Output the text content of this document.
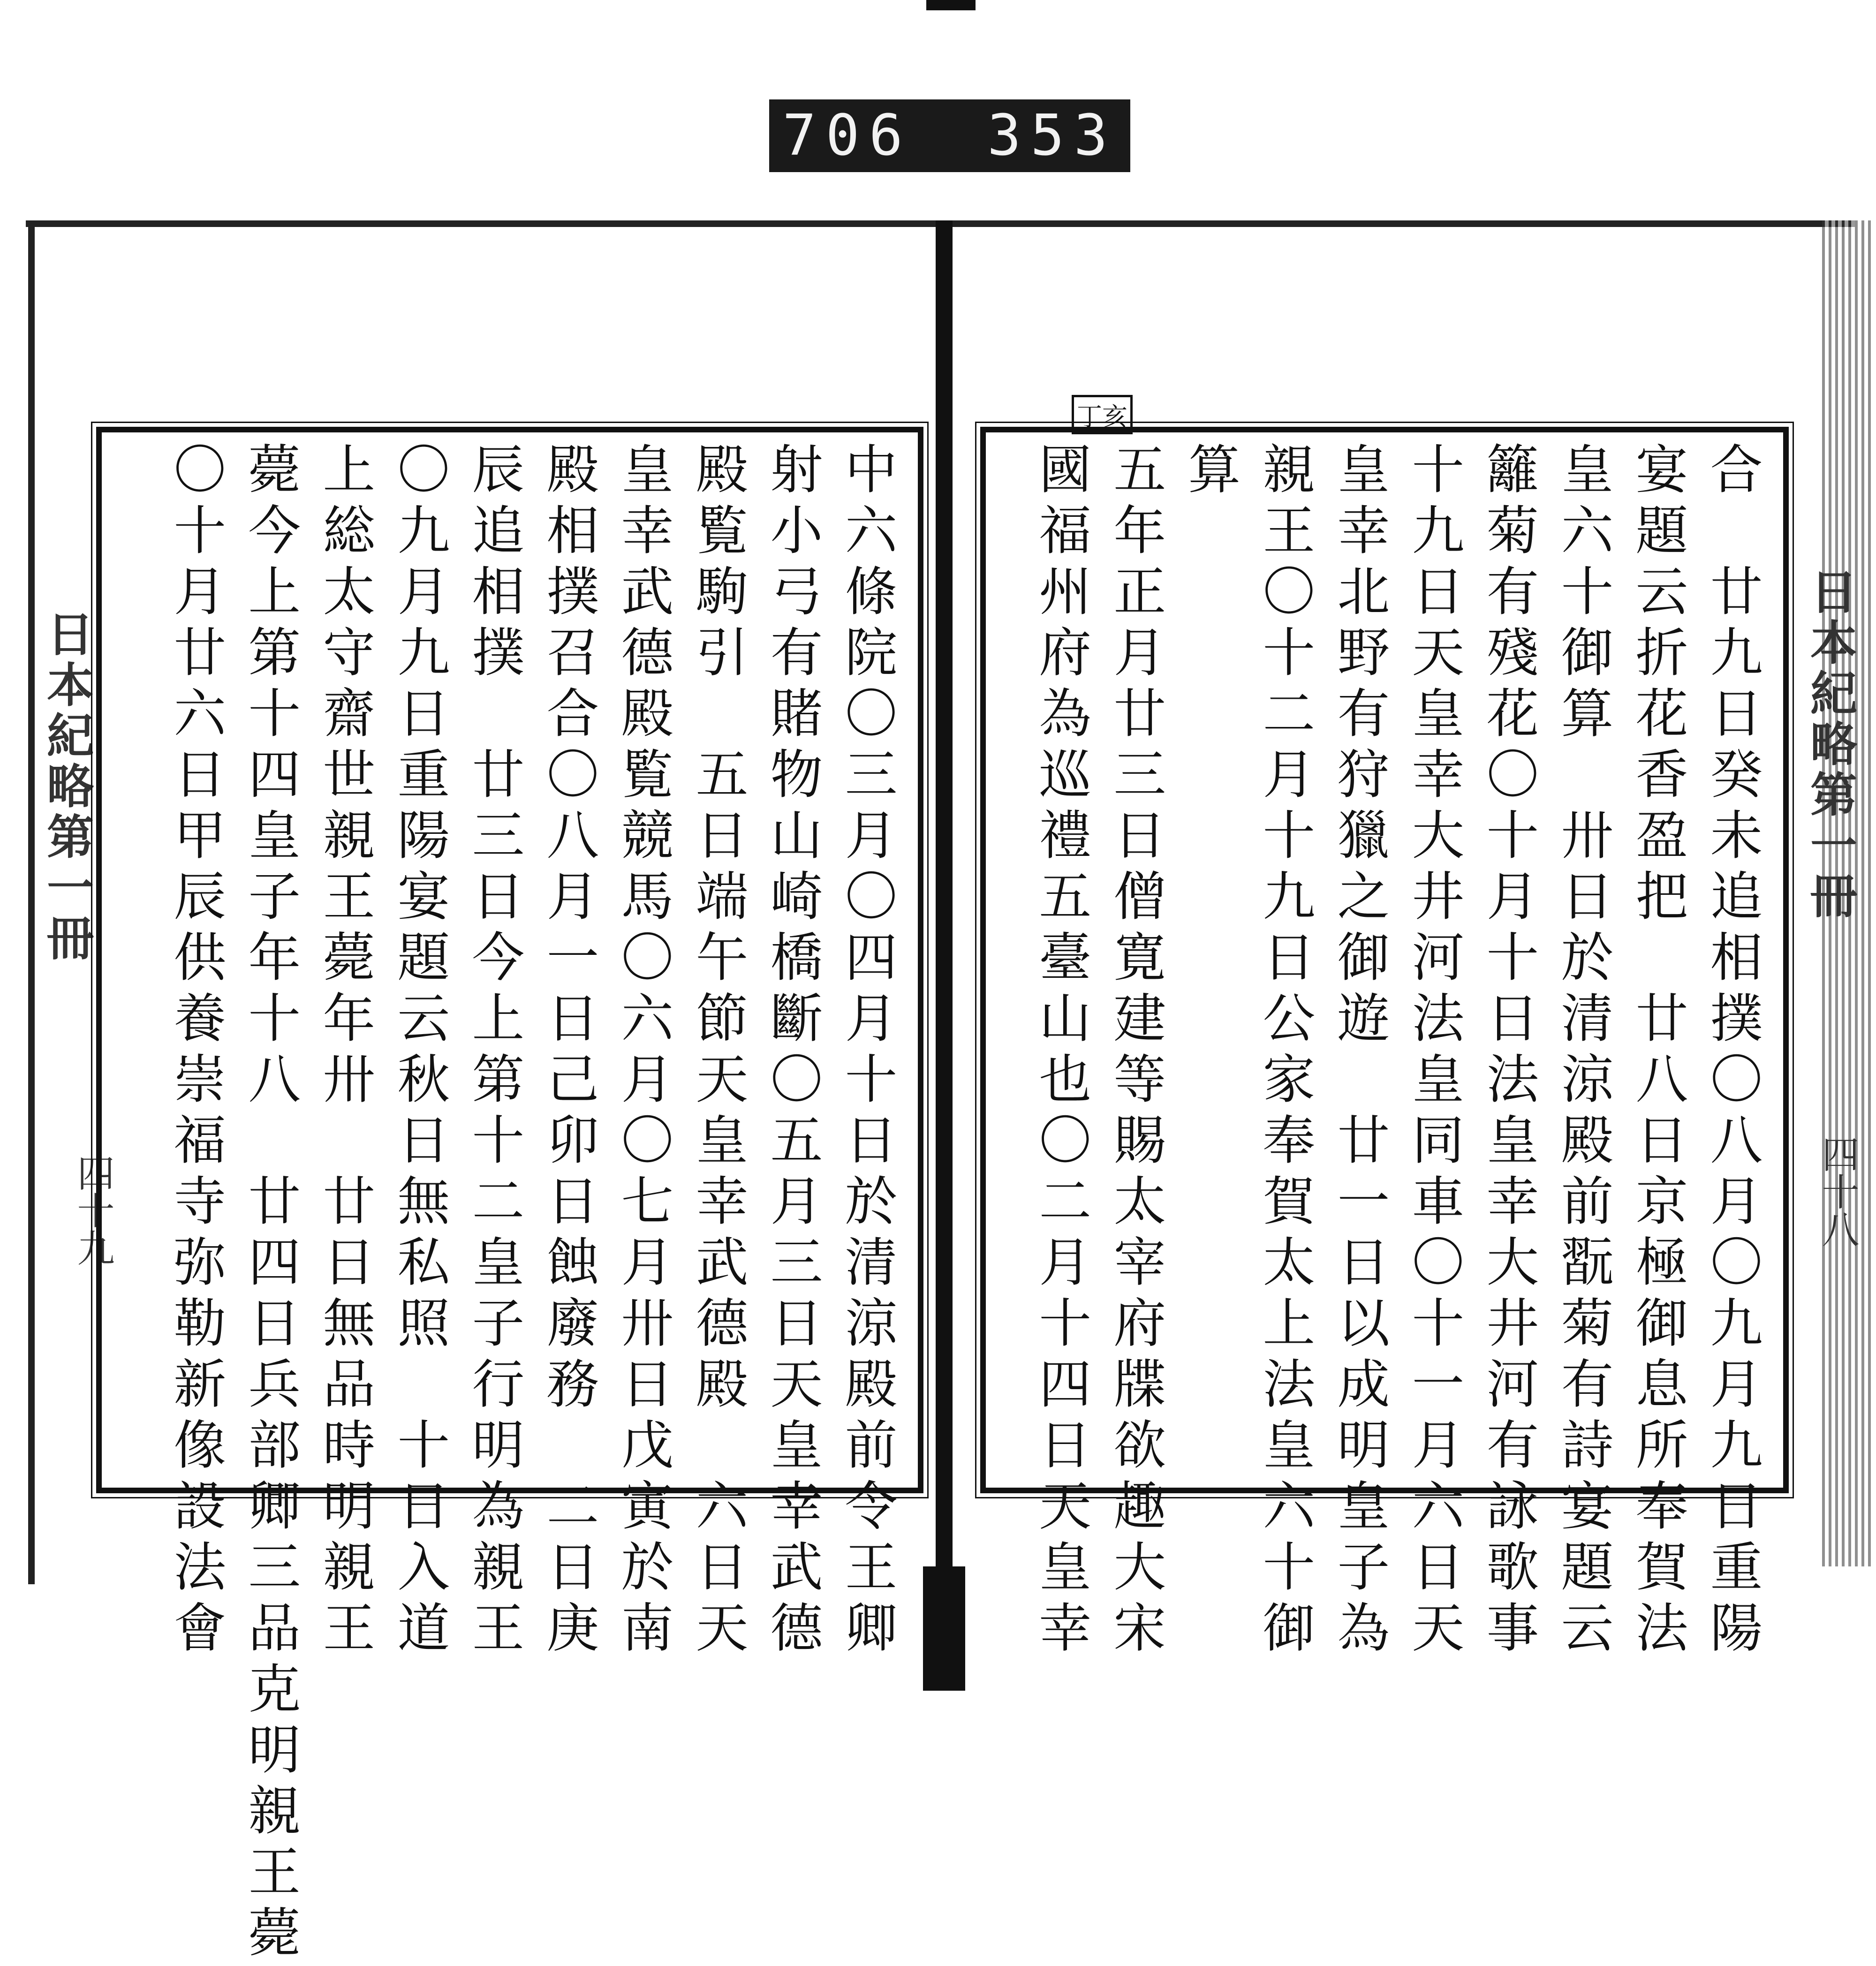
706 353
日本紀略第一冊
四十九
日本紀略第一冊
四十八
中六條院〇三月〇四月十日於清涼殿前令王卿
射小弓有賭物山崎橋斷〇五月三日天皇幸武德
殿覧駒引　五日端午節天皇幸武德殿　六日天
皇幸武德殿覧競馬〇六月〇七月卅日戊寅於南
殿相撲召合〇八月一日己卯日蝕廢務　二日庚
辰追相撲　廿三日今上第十二皇子行明為親王
〇九月九日重陽宴題云秋日無私照　十日入道
上総太守齋世親王薨年卅　廿日無品時明親王
薨今上第十四皇子年十八　廿四日兵部卿三品克明親王薨
〇十月廿六日甲辰供養崇福寺弥勒新像設法會
丁亥
合　廿九日癸未追相撲〇八月〇九月九日重陽
宴題云折花香盈把　廿八日京極御息所奉賀法
皇六十御算　卅日於清涼殿前翫菊有詩宴題云
籬菊有殘花〇十月十日法皇幸大井河有詠歌事
十九日天皇幸大井河法皇同車〇十一月六日天
皇幸北野有狩獵之御遊　廿一日以成明皇子為
親王〇十二月十九日公家奉賀太上法皇六十御
算
五年正月廿三日僧寛建等賜太宰府牒欲趣大宋
國福州府為巡禮五臺山也〇二月十四日天皇幸
